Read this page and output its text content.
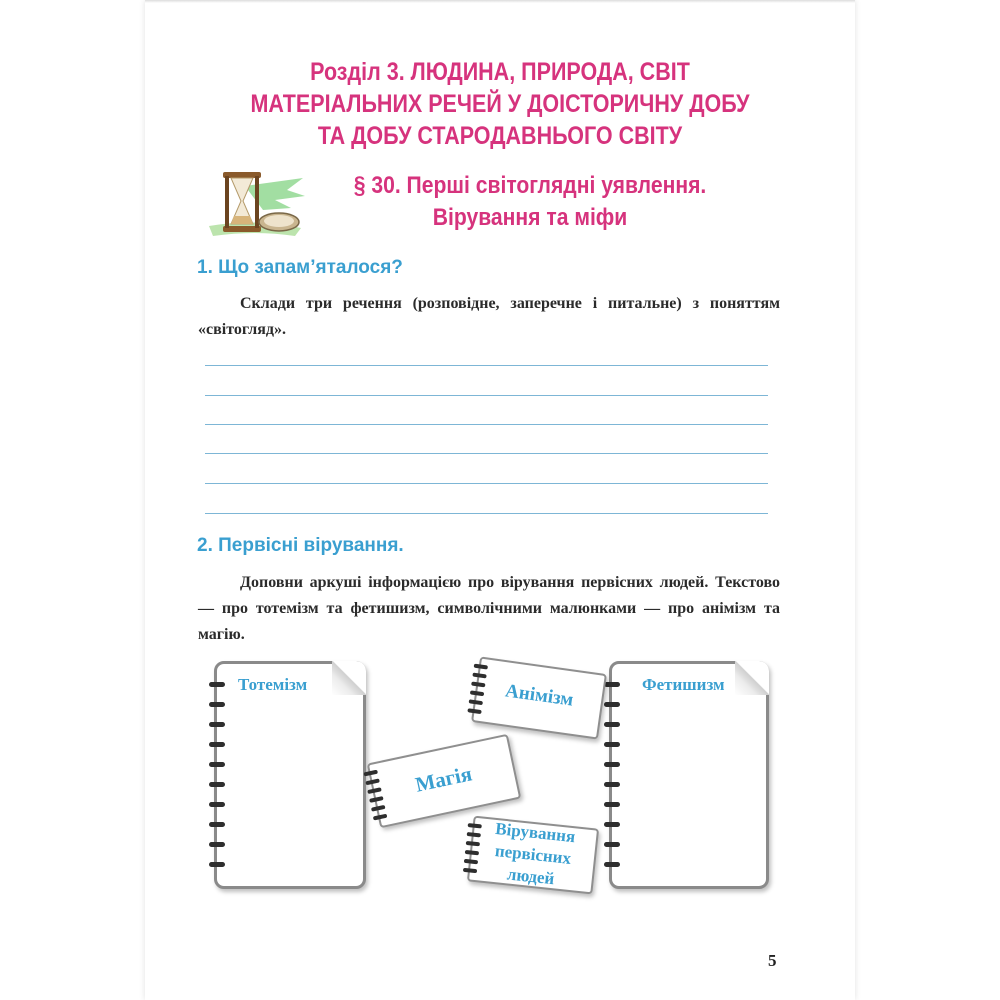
Розділ 3. ЛЮДИНА, ПРИРОДА, СВІТ
МАТЕРІАЛЬНИХ РЕЧЕЙ У ДОІСТОРИЧНУ ДОБУ
ТА ДОБУ СТАРОДАВНЬОГО СВІТУ
§ 30. Перші світоглядні уявлення.
Вірування та міфи
1. Що запам’яталося?

Склади три речення (розповідне, заперечне і питальне) з поняттям «світогляд».

2. Первісні вірування.

Доповни аркуші інформацією про вірування первісних людей. Текстово — про тотемізм та фетишизм, символічними малюнками — про анімізм та магію.

Тотемізм	Фетишизм
Анімізм
Магія
Вірування
первісних
людей
5
